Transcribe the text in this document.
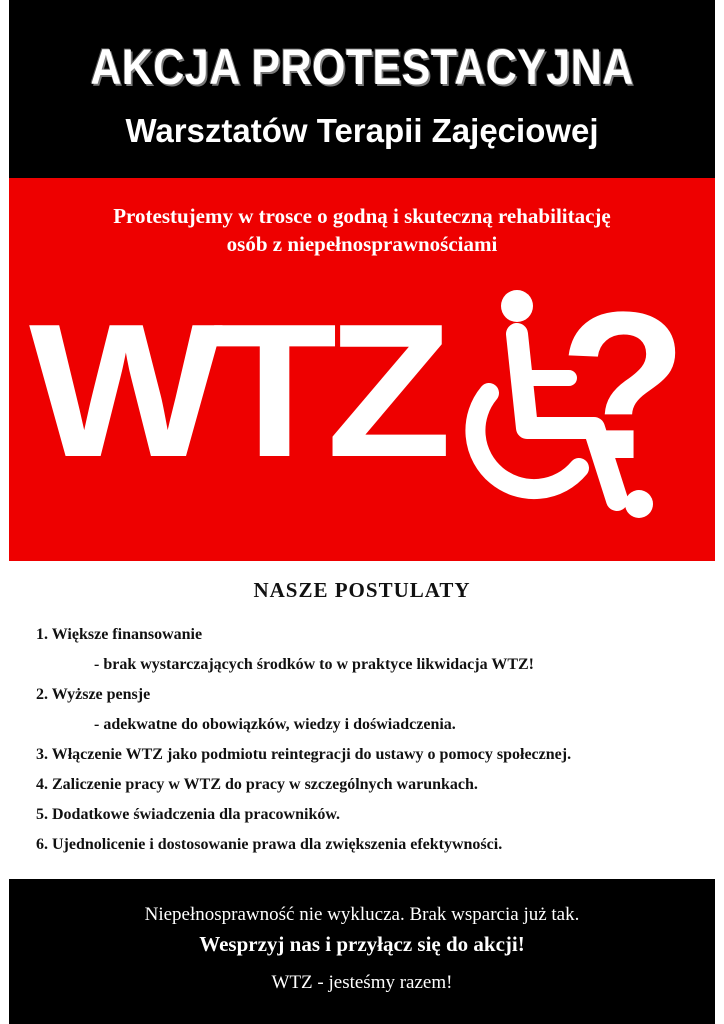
AKCJA PROTESTACYJNA
Warsztatów Terapii Zajęciowej
Protestujemy w trosce o godną i skuteczną rehabilitację
osób z niepełnosprawnościami
WTZ ?
NASZE POSTULATY
1. Większe finansowanie
- brak wystarczających środków to w praktyce likwidacja WTZ!
2. Wyższe pensje
- adekwatne do obowiązków, wiedzy i doświadczenia.
3. Włączenie WTZ jako podmiotu reintegracji do ustawy o pomocy społecznej.
4. Zaliczenie pracy w WTZ do pracy w szczególnych warunkach.
5. Dodatkowe świadczenia dla pracowników.
6. Ujednolicenie i dostosowanie prawa dla zwiększenia efektywności.
Niepełnosprawność nie wyklucza. Brak wsparcia już tak.
Wesprzyj nas i przyłącz się do akcji!
WTZ - jesteśmy razem!
